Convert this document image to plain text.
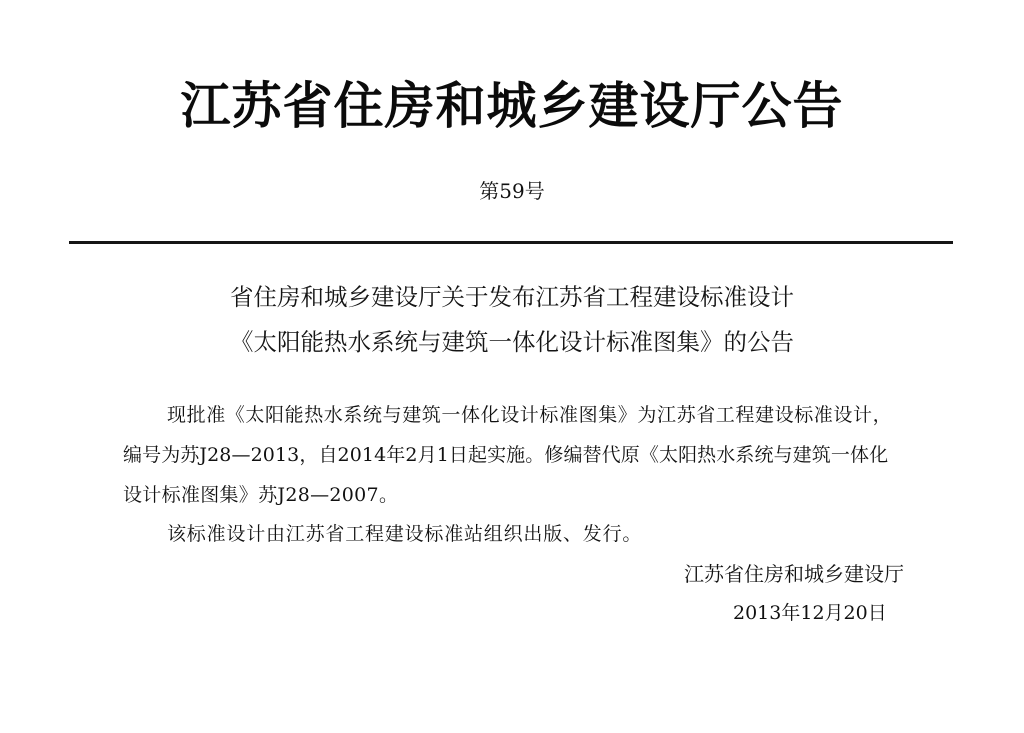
江苏省住房和城乡建设厅公告
第59号
省住房和城乡建设厅关于发布江苏省工程建设标准设计
《太阳能热水系统与建筑一体化设计标准图集》的公告
现批准《太阳能热水系统与建筑一体化设计标准图集》为江苏省工程建设标准设计，
编号为苏J28—2013，自2014年2月1日起实施。修编替代原《太阳热水系统与建筑一体化
设计标准图集》苏J28—2007。
该标准设计由江苏省工程建设标准站组织出版、发行。
江苏省住房和城乡建设厅
2013年12月20日
